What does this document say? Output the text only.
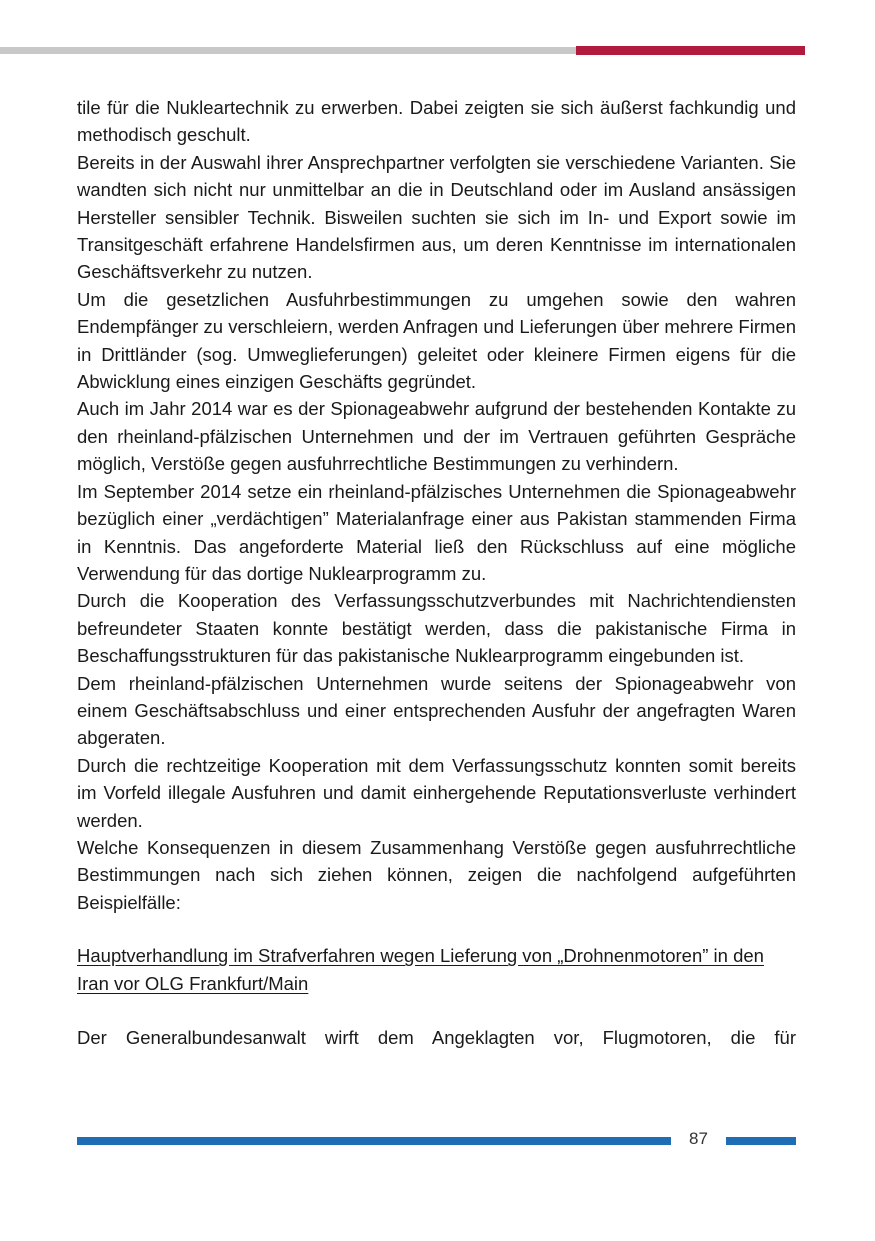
tile für die Nukleartechnik zu erwerben. Dabei zeigten sie sich äußerst fachkundig und methodisch geschult.

Bereits in der Auswahl ihrer Ansprechpartner verfolgten sie verschiedene Varianten. Sie wandten sich nicht nur unmittelbar an die in Deutschland oder im Ausland ansässigen Hersteller sensibler Technik. Bisweilen suchten sie sich im In- und Export sowie im Transitgeschäft erfahrene Handelsfirmen aus, um deren Kenntnisse im internationalen Geschäftsverkehr zu nutzen.

Um die gesetzlichen Ausfuhrbestimmungen zu umgehen sowie den wahren Endempfänger zu verschleiern, werden Anfragen und Lieferungen über mehrere Firmen in Drittländer (sog. Umweglieferungen) geleitet oder kleinere Firmen eigens für die Abwicklung eines einzigen Geschäfts gegründet.

Auch im Jahr 2014 war es der Spionageabwehr aufgrund der bestehenden Kontakte zu den rheinland-pfälzischen Unternehmen und der im Vertrauen geführten Gespräche möglich, Verstöße gegen ausfuhrrechtliche Bestimmungen zu verhindern.

Im September 2014 setze ein rheinland-pfälzisches Unternehmen die Spionageabwehr bezüglich einer „verdächtigen” Materialanfrage einer aus Pakistan stammenden Firma in Kenntnis. Das angeforderte Material ließ den Rückschluss auf eine mögliche Verwendung für das dortige Nuklearprogramm zu.

Durch die Kooperation des Verfassungsschutzverbundes mit Nachrichtendiensten befreundeter Staaten konnte bestätigt werden, dass die pakistanische Firma in Beschaffungsstrukturen für das pakistanische Nuklearprogramm eingebunden ist.

Dem rheinland-pfälzischen Unternehmen wurde seitens der Spionageabwehr von einem Geschäftsabschluss und einer entsprechenden Ausfuhr der angefragten Waren abgeraten.

Durch die rechtzeitige Kooperation mit dem Verfassungsschutz konnten somit bereits im Vorfeld illegale Ausfuhren und damit einhergehende Reputationsverluste verhindert werden.

Welche Konsequenzen in diesem Zusammenhang Verstöße gegen ausfuhrrechtliche Bestimmungen nach sich ziehen können, zeigen die nachfolgend aufgeführten Beispielfälle:

Hauptverhandlung im Strafverfahren wegen Lieferung von „Drohnenmotoren” in den Iran vor OLG Frankfurt/Main

Der Generalbundesanwalt wirft dem Angeklagten vor, Flugmotoren, die für

87
